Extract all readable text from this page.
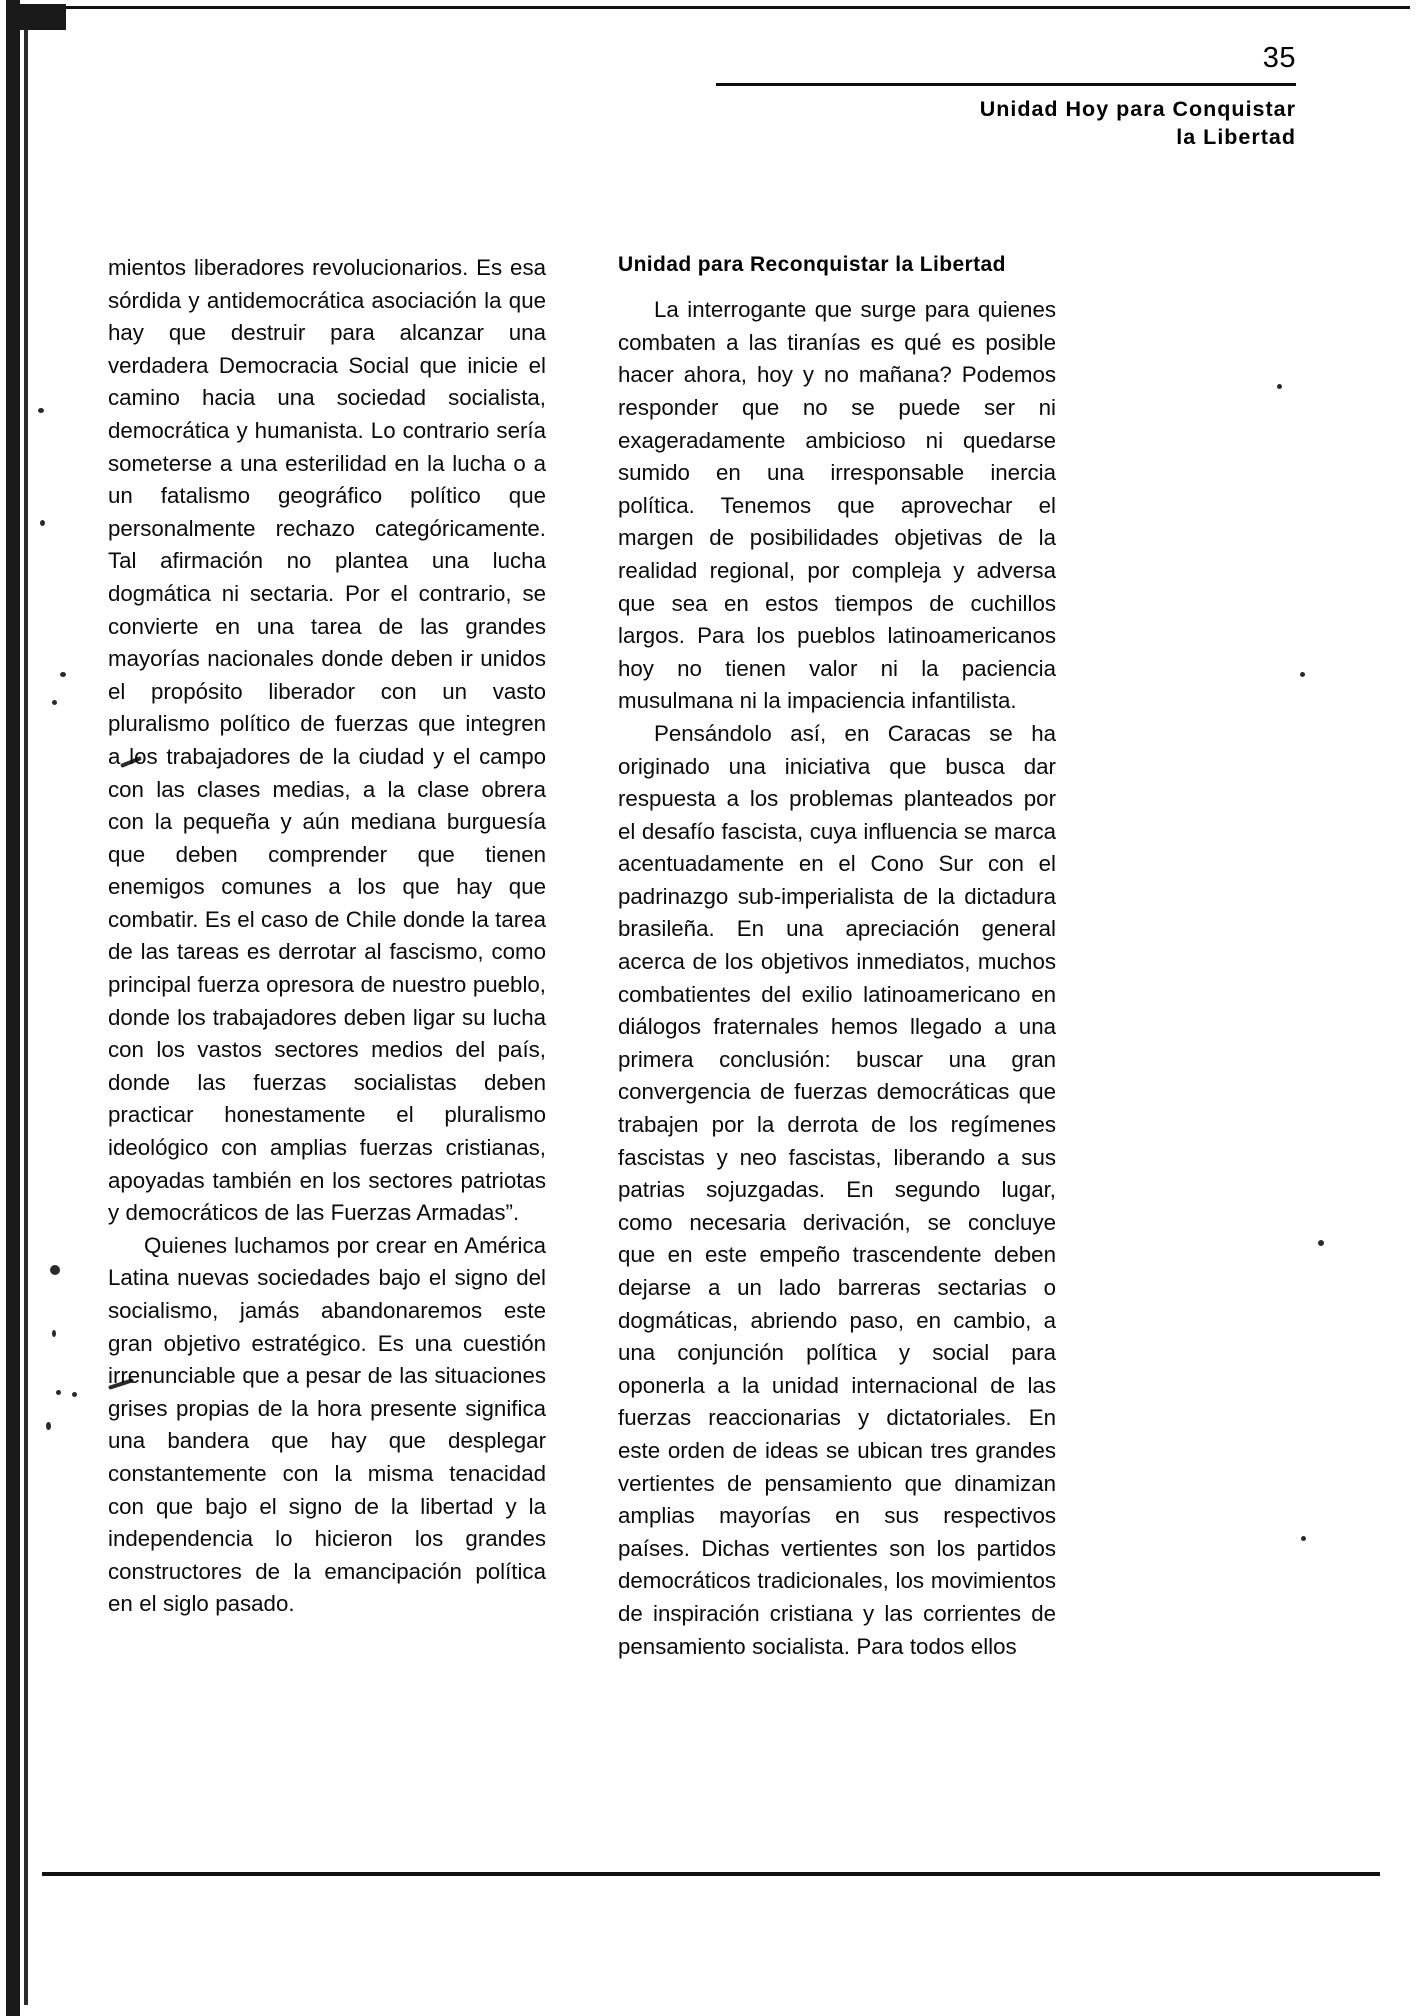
35
Unidad Hoy para Conquistar
la Libertad

mientos liberadores revolucionarios. Es esa sórdida y antidemocrática asociación la que hay que destruir para alcanzar una verdadera Democracia Social que inicie el camino hacia una sociedad socialista, democrática y humanista. Lo contrario sería someterse a una esterilidad en la lucha o a un fatalismo geográfico político que personalmente rechazo categóricamente. Tal afirmación no plantea una lucha dogmática ni sectaria. Por el contrario, se convierte en una tarea de las grandes mayorías nacionales donde deben ir unidos el propósito liberador con un vasto pluralismo político de fuerzas que integren a los trabajadores de la ciudad y el campo con las clases medias, a la clase obrera con la pequeña y aún mediana burguesía que deben comprender que tienen enemigos comunes a los que hay que combatir. Es el caso de Chile donde la tarea de las tareas es derrotar al fascismo, como principal fuerza opresora de nuestro pueblo, donde los trabajadores deben ligar su lucha con los vastos sectores medios del país, donde las fuerzas socialistas deben practicar honestamente el pluralismo ideológico con amplias fuerzas cristianas, apoyadas también en los sectores patriotas y democráticos de las Fuerzas Armadas”.

Quienes luchamos por crear en América Latina nuevas sociedades bajo el signo del socialismo, jamás abandonaremos este gran objetivo estratégico. Es una cuestión irrenunciable que a pesar de las situaciones grises propias de la hora presente significa una bandera que hay que desplegar constantemente con la misma tenacidad con que bajo el signo de la libertad y la independencia lo hicieron los grandes constructores de la emancipación política en el siglo pasado.

Unidad para Reconquistar la Libertad

La interrogante que surge para quienes combaten a las tiranías es qué es posible hacer ahora, hoy y no mañana? Podemos responder que no se puede ser ni exageradamente ambicioso ni quedarse sumido en una irresponsable inercia política. Tenemos que aprovechar el margen de posibilidades objetivas de la realidad regional, por compleja y adversa que sea en estos tiempos de cuchillos largos. Para los pueblos latinoamericanos hoy no tienen valor ni la paciencia musulmana ni la impaciencia infantilista.

Pensándolo así, en Caracas se ha originado una iniciativa que busca dar respuesta a los problemas planteados por el desafío fascista, cuya influencia se marca acentuadamente en el Cono Sur con el padrinazgo sub-imperialista de la dictadura brasileña. En una apreciación general acerca de los objetivos inmediatos, muchos combatientes del exilio latinoamericano en diálogos fraternales hemos llegado a una primera conclusión: buscar una gran convergencia de fuerzas democráticas que trabajen por la derrota de los regímenes fascistas y neo fascistas, liberando a sus patrias sojuzgadas. En segundo lugar, como necesaria derivación, se concluye que en este empeño trascendente deben dejarse a un lado barreras sectarias o dogmáticas, abriendo paso, en cambio, a una conjunción política y social para oponerla a la unidad internacional de las fuerzas reaccionarias y dictatoriales. En este orden de ideas se ubican tres grandes vertientes de pensamiento que dinamizan amplias mayorías en sus respectivos países. Dichas vertientes son los partidos democráticos tradicionales, los movimientos de inspiración cristiana y las corrientes de pensamiento socialista. Para todos ellos
